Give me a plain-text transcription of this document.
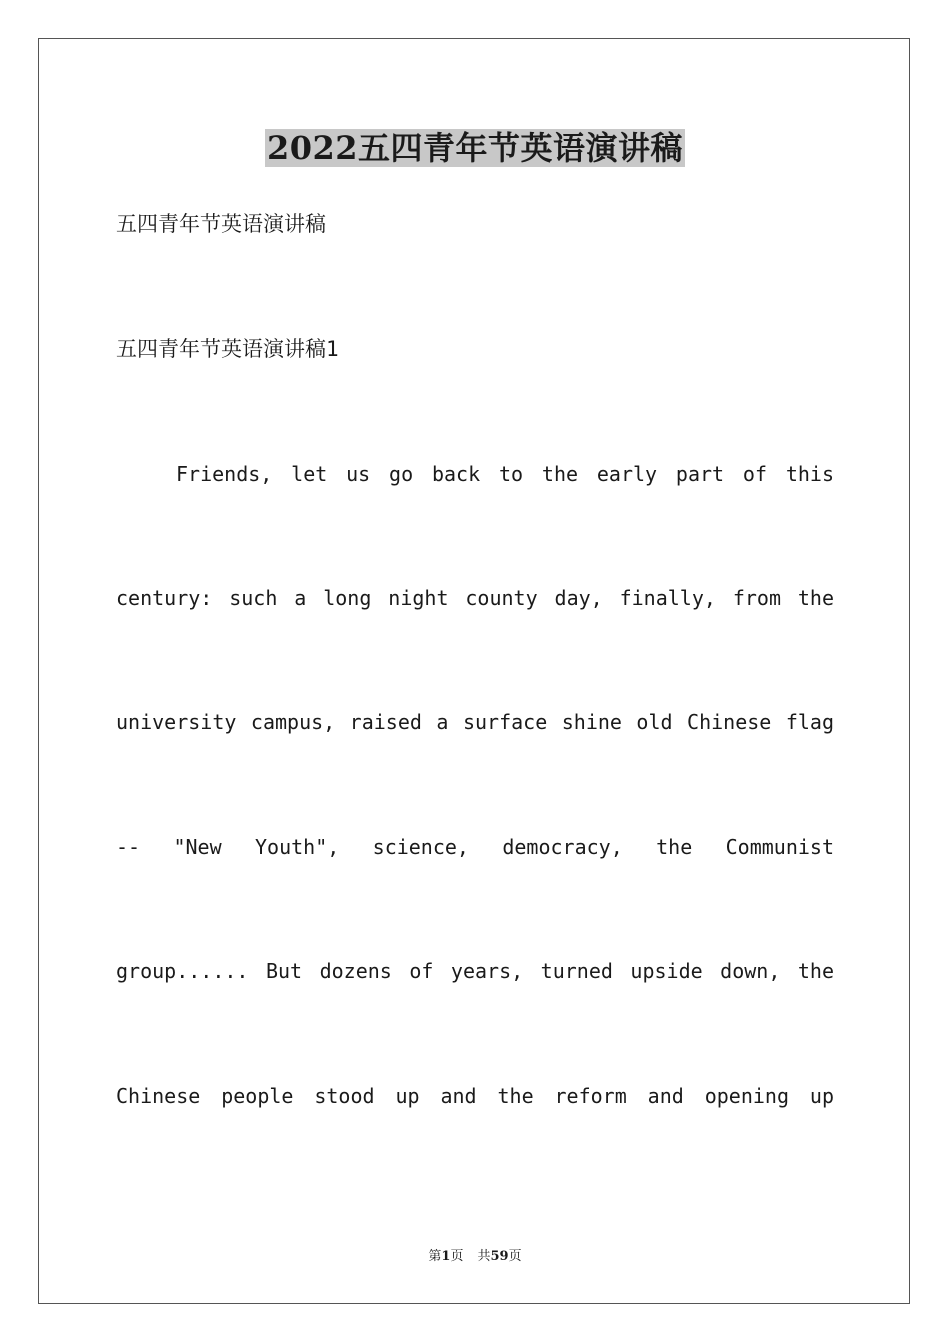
2022五四青年节英语演讲稿

五四青年节英语演讲稿

五四青年节英语演讲稿1

Friends, let us go back to the early part of this

century: such a long night county day, finally, from the

university campus, raised a surface shine old Chinese flag

-- "New Youth", science, democracy, the Communist

group...... But dozens of years, turned upside down, the

Chinese people stood up and the reform and opening up

第1页 共59页
